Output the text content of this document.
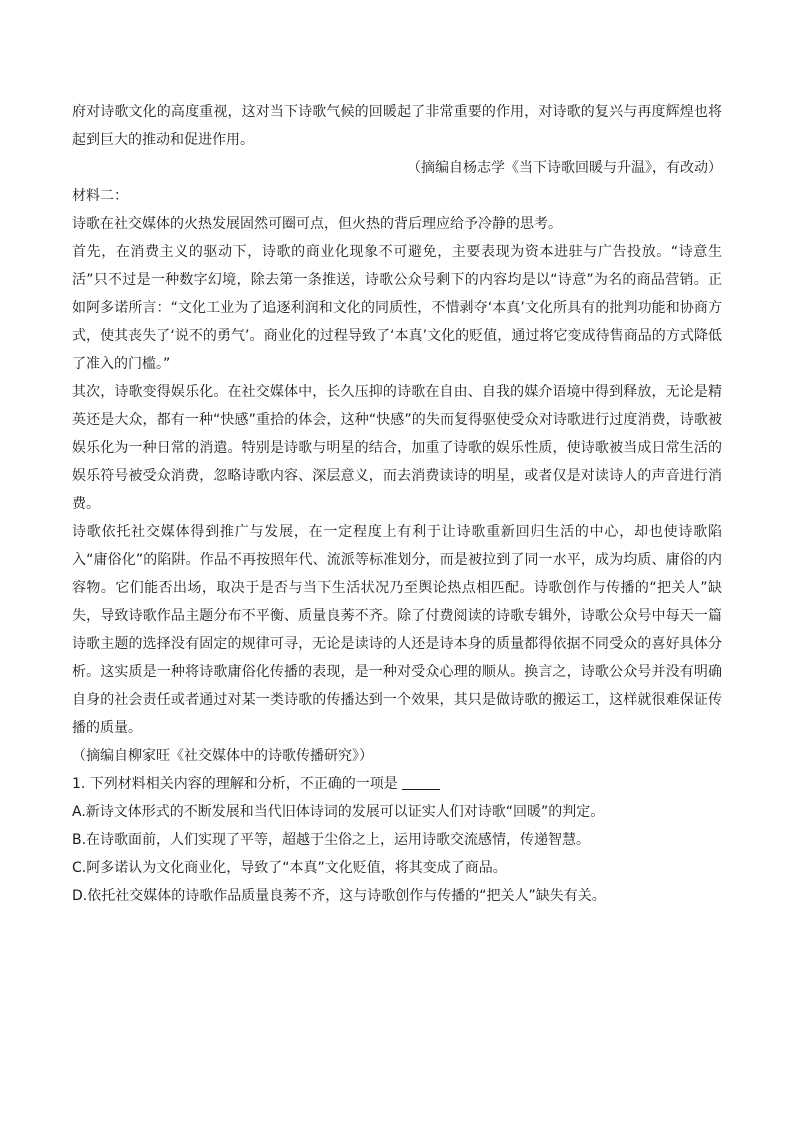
府对诗歌文化的高度重视，这对当下诗歌气候的回暖起了非常重要的作用，对诗歌的复兴与再度辉煌也将起到巨大的推动和促进作用。

（摘编自杨志学《当下诗歌回暖与升温》，有改动）

材料二：

诗歌在社交媒体的火热发展固然可圈可点，但火热的背后理应给予冷静的思考。

首先，在消费主义的驱动下，诗歌的商业化现象不可避免，主要表现为资本进驻与广告投放。“诗意生活”只不过是一种数字幻境，除去第一条推送，诗歌公众号剩下的内容均是以“诗意”为名的商品营销。正如阿多诺所言：“文化工业为了追逐利润和文化的同质性，不惜剥夺‘本真’文化所具有的批判功能和协商方式，使其丧失了‘说不的勇气’。商业化的过程导致了‘本真’文化的贬值，通过将它变成待售商品的方式降低了准入的门槛。”

其次，诗歌变得娱乐化。在社交媒体中，长久压抑的诗歌在自由、自我的媒介语境中得到释放，无论是精英还是大众，都有一种“快感”重拾的体会，这种“快感”的失而复得驱使受众对诗歌进行过度消费，诗歌被娱乐化为一种日常的消遣。特别是诗歌与明星的结合，加重了诗歌的娱乐性质，使诗歌被当成日常生活的娱乐符号被受众消费，忽略诗歌内容、深层意义，而去消费读诗的明星，或者仅是对读诗人的声音进行消费。

诗歌依托社交媒体得到推广与发展，在一定程度上有利于让诗歌重新回归生活的中心，却也使诗歌陷入“庸俗化”的陷阱。作品不再按照年代、流派等标准划分，而是被拉到了同一水平，成为均质、庸俗的内容物。它们能否出场，取决于是否与当下生活状况乃至舆论热点相匹配。诗歌创作与传播的“把关人”缺失，导致诗歌作品主题分布不平衡、质量良莠不齐。除了付费阅读的诗歌专辑外，诗歌公众号中每天一篇诗歌主题的选择没有固定的规律可寻，无论是读诗的人还是诗本身的质量都得依据不同受众的喜好具体分析。这实质是一种将诗歌庸俗化传播的表现，是一种对受众心理的顺从。换言之，诗歌公众号并没有明确自身的社会责任或者通过对某一类诗歌的传播达到一个效果，其只是做诗歌的搬运工，这样就很难保证传播的质量。

（摘编自柳家旺《社交媒体中的诗歌传播研究》）

1. 下列材料相关内容的理解和分析，不正确的一项是

A.新诗文体形式的不断发展和当代旧体诗词的发展可以证实人们对诗歌“回暖”的判定。

B.在诗歌面前，人们实现了平等，超越于尘俗之上，运用诗歌交流感情，传递智慧。

C.阿多诺认为文化商业化，导致了“本真”文化贬值，将其变成了商品。

D.依托社交媒体的诗歌作品质量良莠不齐，这与诗歌创作与传播的“把关人”缺失有关。
